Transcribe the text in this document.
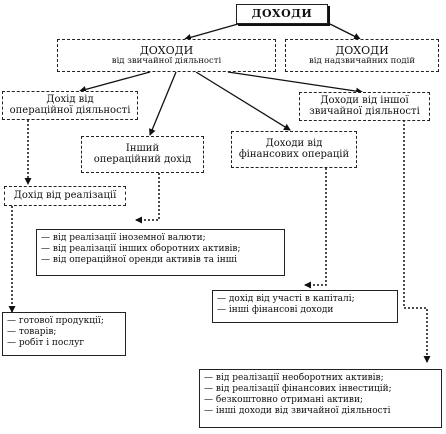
ДОХОДИ
ДОХОДИ
від звичайної діяльності
ДОХОДИ
від надзвичайних подій
Дохід від
операційної діяльності
Доходи від іншої
звичайної діяльності
Інший
операційний дохід
Доходи від
фінансових операцій
Дохід від реалізації
— від реалізації іноземної валюти;
— від реалізації інших оборотних активів;
— від операційної оренди активів та інші
— дохід від участі в капіталі;
— інші фінансові доходи
— готової продукції;
— товарів;
— робіт і послуг
— від реалізації необоротних активів;
— від реалізації фінансових інвестицій;
— безкоштовно отримані активи;
— інші доходи від звичайної діяльності
